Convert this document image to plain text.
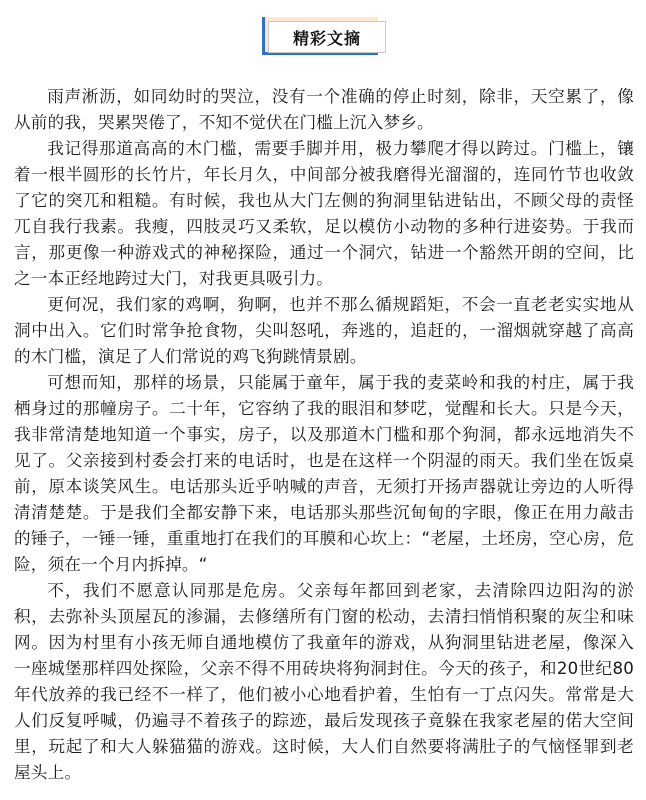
精彩文摘

雨声淅沥，如同幼时的哭泣，没有一个准确的停止时刻，除非，天空累了，像从前的我，哭累哭倦了，不知不觉伏在门槛上沉入梦乡。

我记得那道高高的木门槛，需要手脚并用，极力攀爬才得以跨过。门槛上，镶着一根半圆形的长竹片，年长月久，中间部分被我磨得光溜溜的，连同竹节也收敛了它的突兀和粗糙。有时候，我也从大门左侧的狗洞里钻进钻出，不顾父母的责怪兀自我行我素。我瘦，四肢灵巧又柔软，足以模仿小动物的多种行进姿势。于我而言，那更像一种游戏式的神秘探险，通过一个洞穴，钻进一个豁然开朗的空间，比之一本正经地跨过大门，对我更具吸引力。

更何况，我们家的鸡啊，狗啊，也并不那么循规蹈矩，不会一直老老实实地从洞中出入。它们时常争抢食物，尖叫怒吼，奔逃的，追赶的，一溜烟就穿越了高高的木门槛，演足了人们常说的鸡飞狗跳情景剧。

可想而知，那样的场景，只能属于童年，属于我的麦菜岭和我的村庄，属于我栖身过的那幢房子。二十年，它容纳了我的眼泪和梦呓，觉醒和长大。只是今天，我非常清楚地知道一个事实，房子，以及那道木门槛和那个狗洞，都永远地消失不见了。父亲接到村委会打来的电话时，也是在这样一个阴湿的雨天。我们坐在饭桌前，原本谈笑风生。电话那头近乎呐喊的声音，无须打开扬声器就让旁边的人听得清清楚楚。于是我们全都安静下来，电话那头那些沉甸甸的字眼，像正在用力敲击的锤子，一锤一锤，重重地打在我们的耳膜和心坎上：“老屋，土坯房，空心房，危险，须在一个月内拆掉。“

不，我们不愿意认同那是危房。父亲每年都回到老家，去清除四边阳沟的淤积，去弥补头顶屋瓦的渗漏，去修缮所有门窗的松动，去清扫悄悄积聚的灰尘和味网。因为村里有小孩无师自通地模仿了我童年的游戏，从狗洞里钻进老屋，像深入一座城堡那样四处探险，父亲不得不用砖块将狗洞封住。今天的孩子，和20世纪80年代放养的我已经不一样了，他们被小心地看护着，生怕有一丁点闪失。常常是大人们反复呼喊，仍遍寻不着孩子的踪迹，最后发现孩子竟躲在我家老屋的偌大空间里，玩起了和大人躲猫猫的游戏。这时候，大人们自然要将满肚子的气恼怪罪到老屋头上。
